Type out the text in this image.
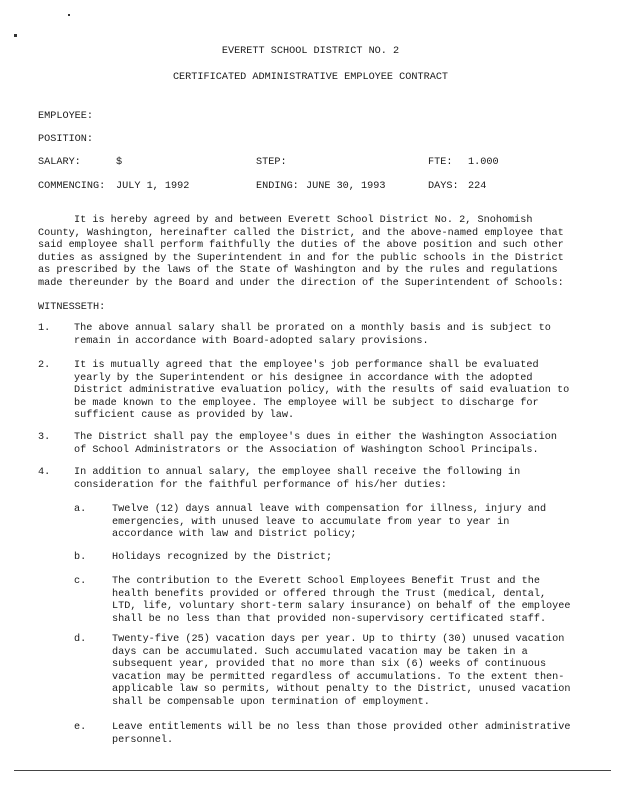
EVERETT SCHOOL DISTRICT NO. 2
CERTIFICATED ADMINISTRATIVE EMPLOYEE CONTRACT
EMPLOYEE:
POSITION:
SALARY:	$	STEP:	FTE: 1.000
COMMENCING: JULY 1, 1992	ENDING: JUNE 30, 1993	DAYS: 224
It is hereby agreed by and between Everett School District No. 2, Snohomish County, Washington, hereinafter called the District, and the above-named employee that said employee shall perform faithfully the duties of the above position and such other duties as assigned by the Superintendent in and for the public schools in the District as prescribed by the laws of the State of Washington and by the rules and regulations made thereunder by the Board and under the direction of the Superintendent of Schools:
WITNESSETH:
1. The above annual salary shall be prorated on a monthly basis and is subject to remain in accordance with Board-adopted salary provisions.
2. It is mutually agreed that the employee's job performance shall be evaluated yearly by the Superintendent or his designee in accordance with the adopted District administrative evaluation policy, with the results of said evaluation to be made known to the employee. The employee will be subject to discharge for sufficient cause as provided by law.
3. The District shall pay the employee's dues in either the Washington Association of School Administrators or the Association of Washington School Principals.
4. In addition to annual salary, the employee shall receive the following in consideration for the faithful performance of his/her duties:
a.	Twelve (12) days annual leave with compensation for illness, injury and emergencies, with unused leave to accumulate from year to year in accordance with law and District policy;
b.	Holidays recognized by the District;
c.	The contribution to the Everett School Employees Benefit Trust and the health benefits provided or offered through the Trust (medical, dental, LTD, life, voluntary short-term salary insurance) on behalf of the employee shall be no less than that provided non-supervisory certificated staff.
d.	Twenty-five (25) vacation days per year. Up to thirty (30) unused vacation days can be accumulated. Such accumulated vacation may be taken in a subsequent year, provided that no more than six (6) weeks of continuous vacation may be permitted regardless of accumulations. To the extent then-applicable law so permits, without penalty to the District, unused vacation shall be compensable upon termination of employment.
e.	Leave entitlements will be no less than those provided other administrative personnel.
